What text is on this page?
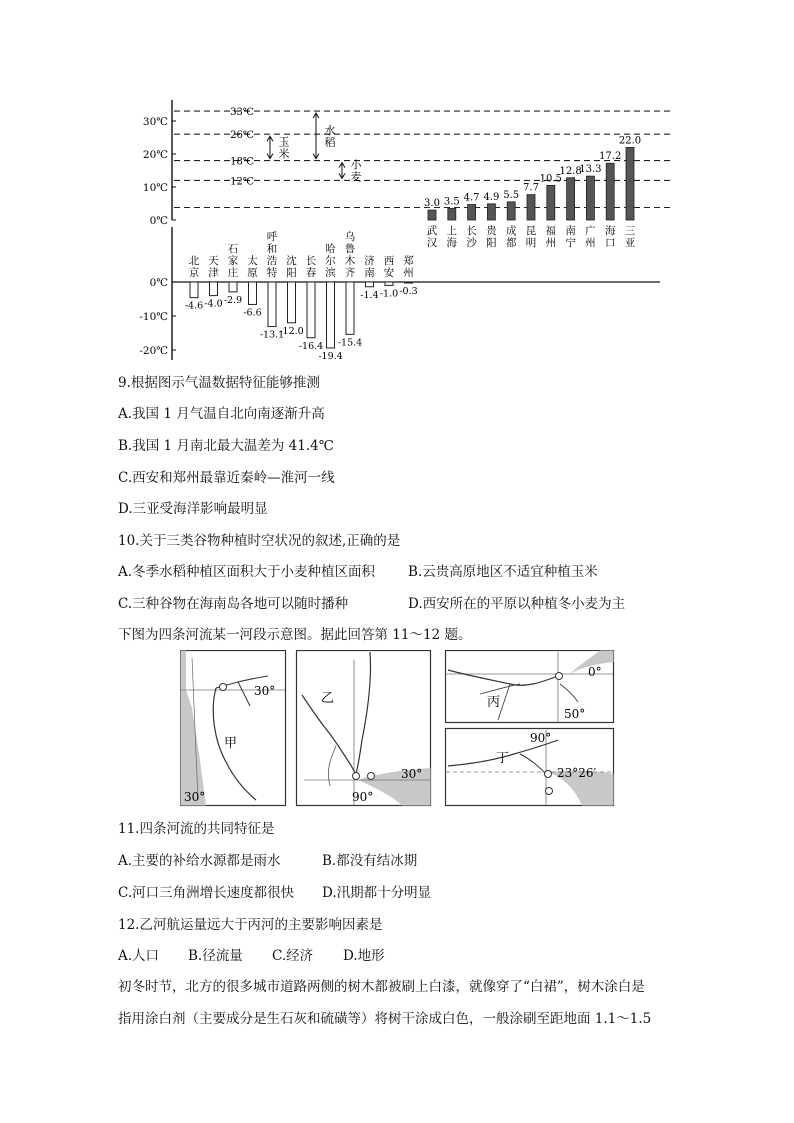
30℃
20℃
10℃
0℃
33℃
26℃
18℃
12℃
水稻
玉米
小麦
3.0
武汉
3.5
上海
4.7
长沙
4.9
贵阳
5.5
成都
7.7
昆明
10.5
福州
12.8
南宁
13.3
广州
17.2
海口
22.0
三亚
0℃
-10℃
-20℃
-4.6
北京
-4.0
天津
-2.9
石家庄
-6.6
太原
-13.1
呼和浩特
-12.0
沈阳
-16.4
长春
-19.4
哈尔滨
-15.4
乌鲁木齐
-1.4
济南
-1.0
西安
-0.3
郑州
9.根据图示气温数据特征能够推测
A.我国 1 月气温自北向南逐渐升高
B.我国 1 月南北最大温差为 41.4℃
C.西安和郑州最靠近秦岭—淮河一线
D.三亚受海洋影响最明显
10.关于三类谷物种植时空状况的叙述,正确的是
A.冬季水稻种植区面积大于小麦种植区面积 B.云贵高原地区不适宜种植玉米
C.三种谷物在海南岛各地可以随时播种	D.西安所在的平原以种植冬小麦为主
下图为四条河流某一河段示意图。据此回答第 11～12 题。
30°
甲
30°
乙
30°
90°
丙
0°
50°
丁
90°
23°26′
11.四条河流的共同特征是
A.主要的补给水源都是雨水	B.都没有结冰期
C.河口三角洲增长速度都很快 D.汛期都十分明显
12.乙河航运量远大于丙河的主要影响因素是
A.人口 B.径流量 C.经济 D.地形
初冬时节，北方的很多城市道路两侧的树木都被刷上白漆，就像穿了“白裙”，树木涂白是
指用涂白剂（主要成分是生石灰和硫磺等）将树干涂成白色，一般涂刷至距地面 1.1～1.5
